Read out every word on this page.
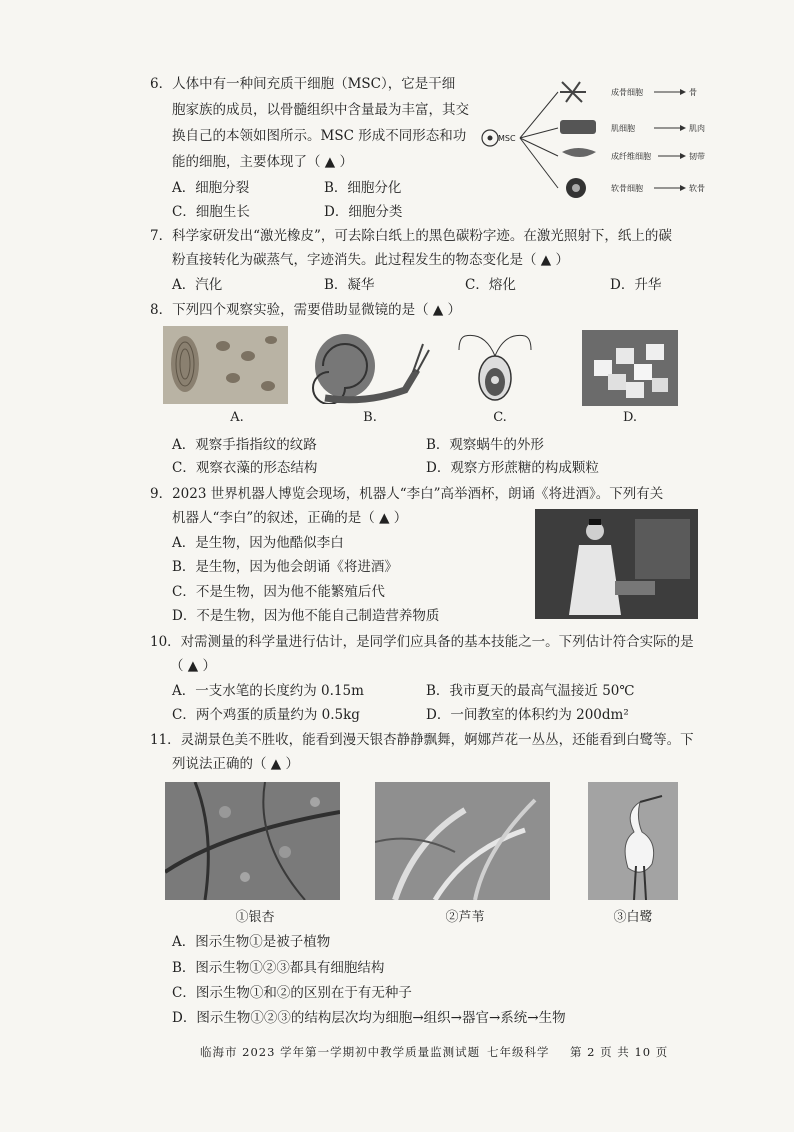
6．人体中有一种间充质干细胞（MSC），它是干细
胞家族的成员，以骨髓组织中含量最为丰富，其交
换自己的本领如图所示。MSC 形成不同形态和功
能的细胞，主要体现了（ ▲ ）
A．细胞分裂	B．细胞分化
C．细胞生长	D．细胞分类
MSC
成骨细胞	骨
肌细胞	肌肉
成纤维细胞	韧带
软骨细胞	软骨
7．科学家研发出“激光橡皮”，可去除白纸上的黑色碳粉字迹。在激光照射下，纸上的碳
粉直接转化为碳蒸气，字迹消失。此过程发生的物态变化是（ ▲ ）
A．汽化	B．凝华	C．熔化	D．升华
8．下列四个观察实验，需要借助显微镜的是（ ▲ ）
A.	B.	C.	D.
A．观察手指指纹的纹路	B．观察蜗牛的外形
C．观察衣藻的形态结构	D．观察方形蔗糖的构成颗粒
9．2023 世界机器人博览会现场，机器人“李白”高举酒杯，朗诵《将进酒》。下列有关
机器人“李白”的叙述，正确的是（ ▲ ）
A．是生物，因为他酷似李白
B．是生物，因为他会朗诵《将进酒》
C．不是生物，因为他不能繁殖后代
D．不是生物，因为他不能自己制造营养物质
10．对需测量的科学量进行估计，是同学们应具备的基本技能之一。下列估计符合实际的是
（ ▲ ）
A．一支水笔的长度约为 0.15m	B．我市夏天的最高气温接近 50℃
C．两个鸡蛋的质量约为 0.5kg	D．一间教室的体积约为 200dm²
11．灵湖景色美不胜收，能看到漫天银杏静静飘舞，婀娜芦花一丛丛，还能看到白鹭等。下
列说法正确的（ ▲ ）
①银杏	②芦苇	③白鹭
A．图示生物①是被子植物
B．图示生物①②③都具有细胞结构
C．图示生物①和②的区别在于有无种子
D．图示生物①②③的结构层次均为细胞→组织→器官→系统→生物
临海市 2023 学年第一学期初中教学质量监测试题 七年级科学 第 2 页 共 10 页
